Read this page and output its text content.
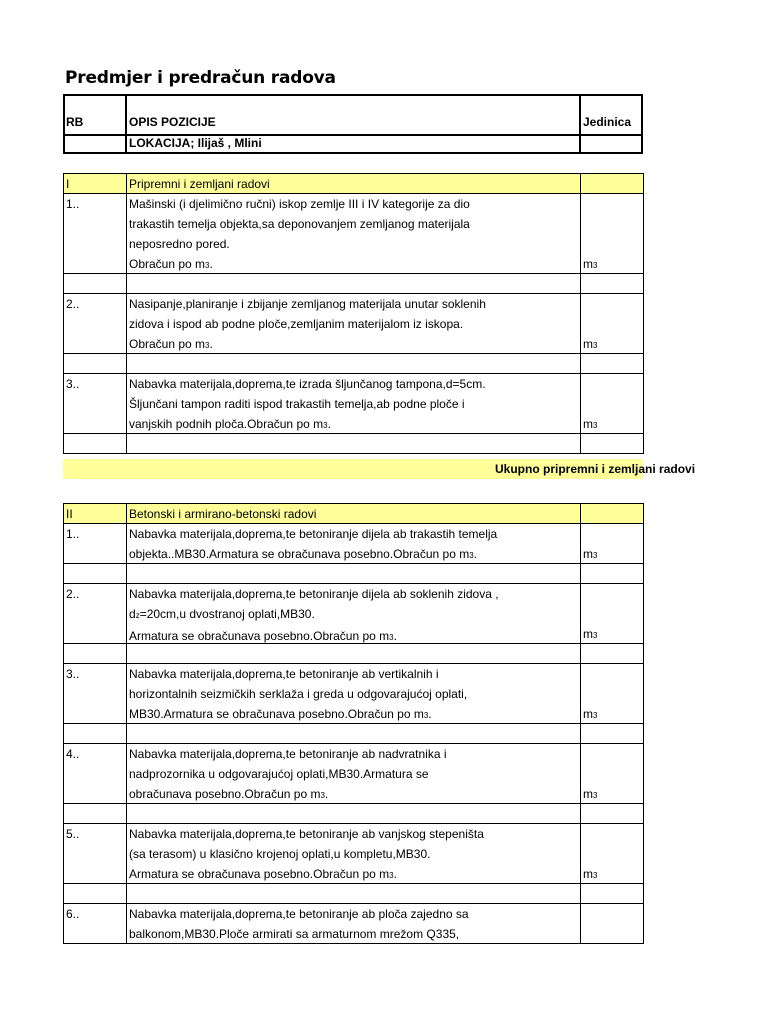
Predmjer i predračun radova
RB	OPIS POZICIJE	Jedinica
LOKACIJA; Ilijaš , Mlini
I	Pripremni i zemljani radovi
1..	Mašinski (i djelimično ručni) iskop zemlje III i IV kategorije za dio
trakastih temelja objekta,sa deponovanjem zemljanog materijala
neposredno pored.
Obračun po m3.	m3
2..	Nasipanje,planiranje i zbijanje zemljanog materijala unutar soklenih
zidova i ispod ab podne ploče,zemljanim materijalom iz iskopa.
Obračun po m3.	m3
3..	Nabavka materijala,doprema,te izrada šljunčanog tampona,d=5cm.
Šljunčani tampon raditi ispod trakastih temelja,ab podne ploče i
vanjskih podnih ploča.Obračun po m3.	m3
Ukupno pripremni i zemljani radovi
II	Betonski i armirano-betonski radovi
1..	Nabavka materijala,doprema,te betoniranje dijela ab trakastih temelja
objekta..MB30.Armatura se obračunava posebno.Obračun po m3.	m3
2..	Nabavka materijala,doprema,te betoniranje dijela ab soklenih zidova ,
dz=20cm,u dvostranoj oplati,MB30.
Armatura se obračunava posebno.Obračun po m3.	m3
3..	Nabavka materijala,doprema,te betoniranje ab vertikalnih i
horizontalnih seizmičkih serklaža i greda u odgovarajućoj oplati,
MB30.Armatura se obračunava posebno.Obračun po m3.	m3
4..	Nabavka materijala,doprema,te betoniranje ab nadvratnika i
nadprozornika u odgovarajućoj oplati,MB30.Armatura se
obračunava posebno.Obračun po m3.	m3
5..	Nabavka materijala,doprema,te betoniranje ab vanjskog stepeništa
(sa terasom) u klasično krojenoj oplati,u kompletu,MB30.
Armatura se obračunava posebno.Obračun po m3.	m3
6..	Nabavka materijala,doprema,te betoniranje ab ploča zajedno sa
balkonom,MB30.Ploče armirati sa armaturnom mrežom Q335,
